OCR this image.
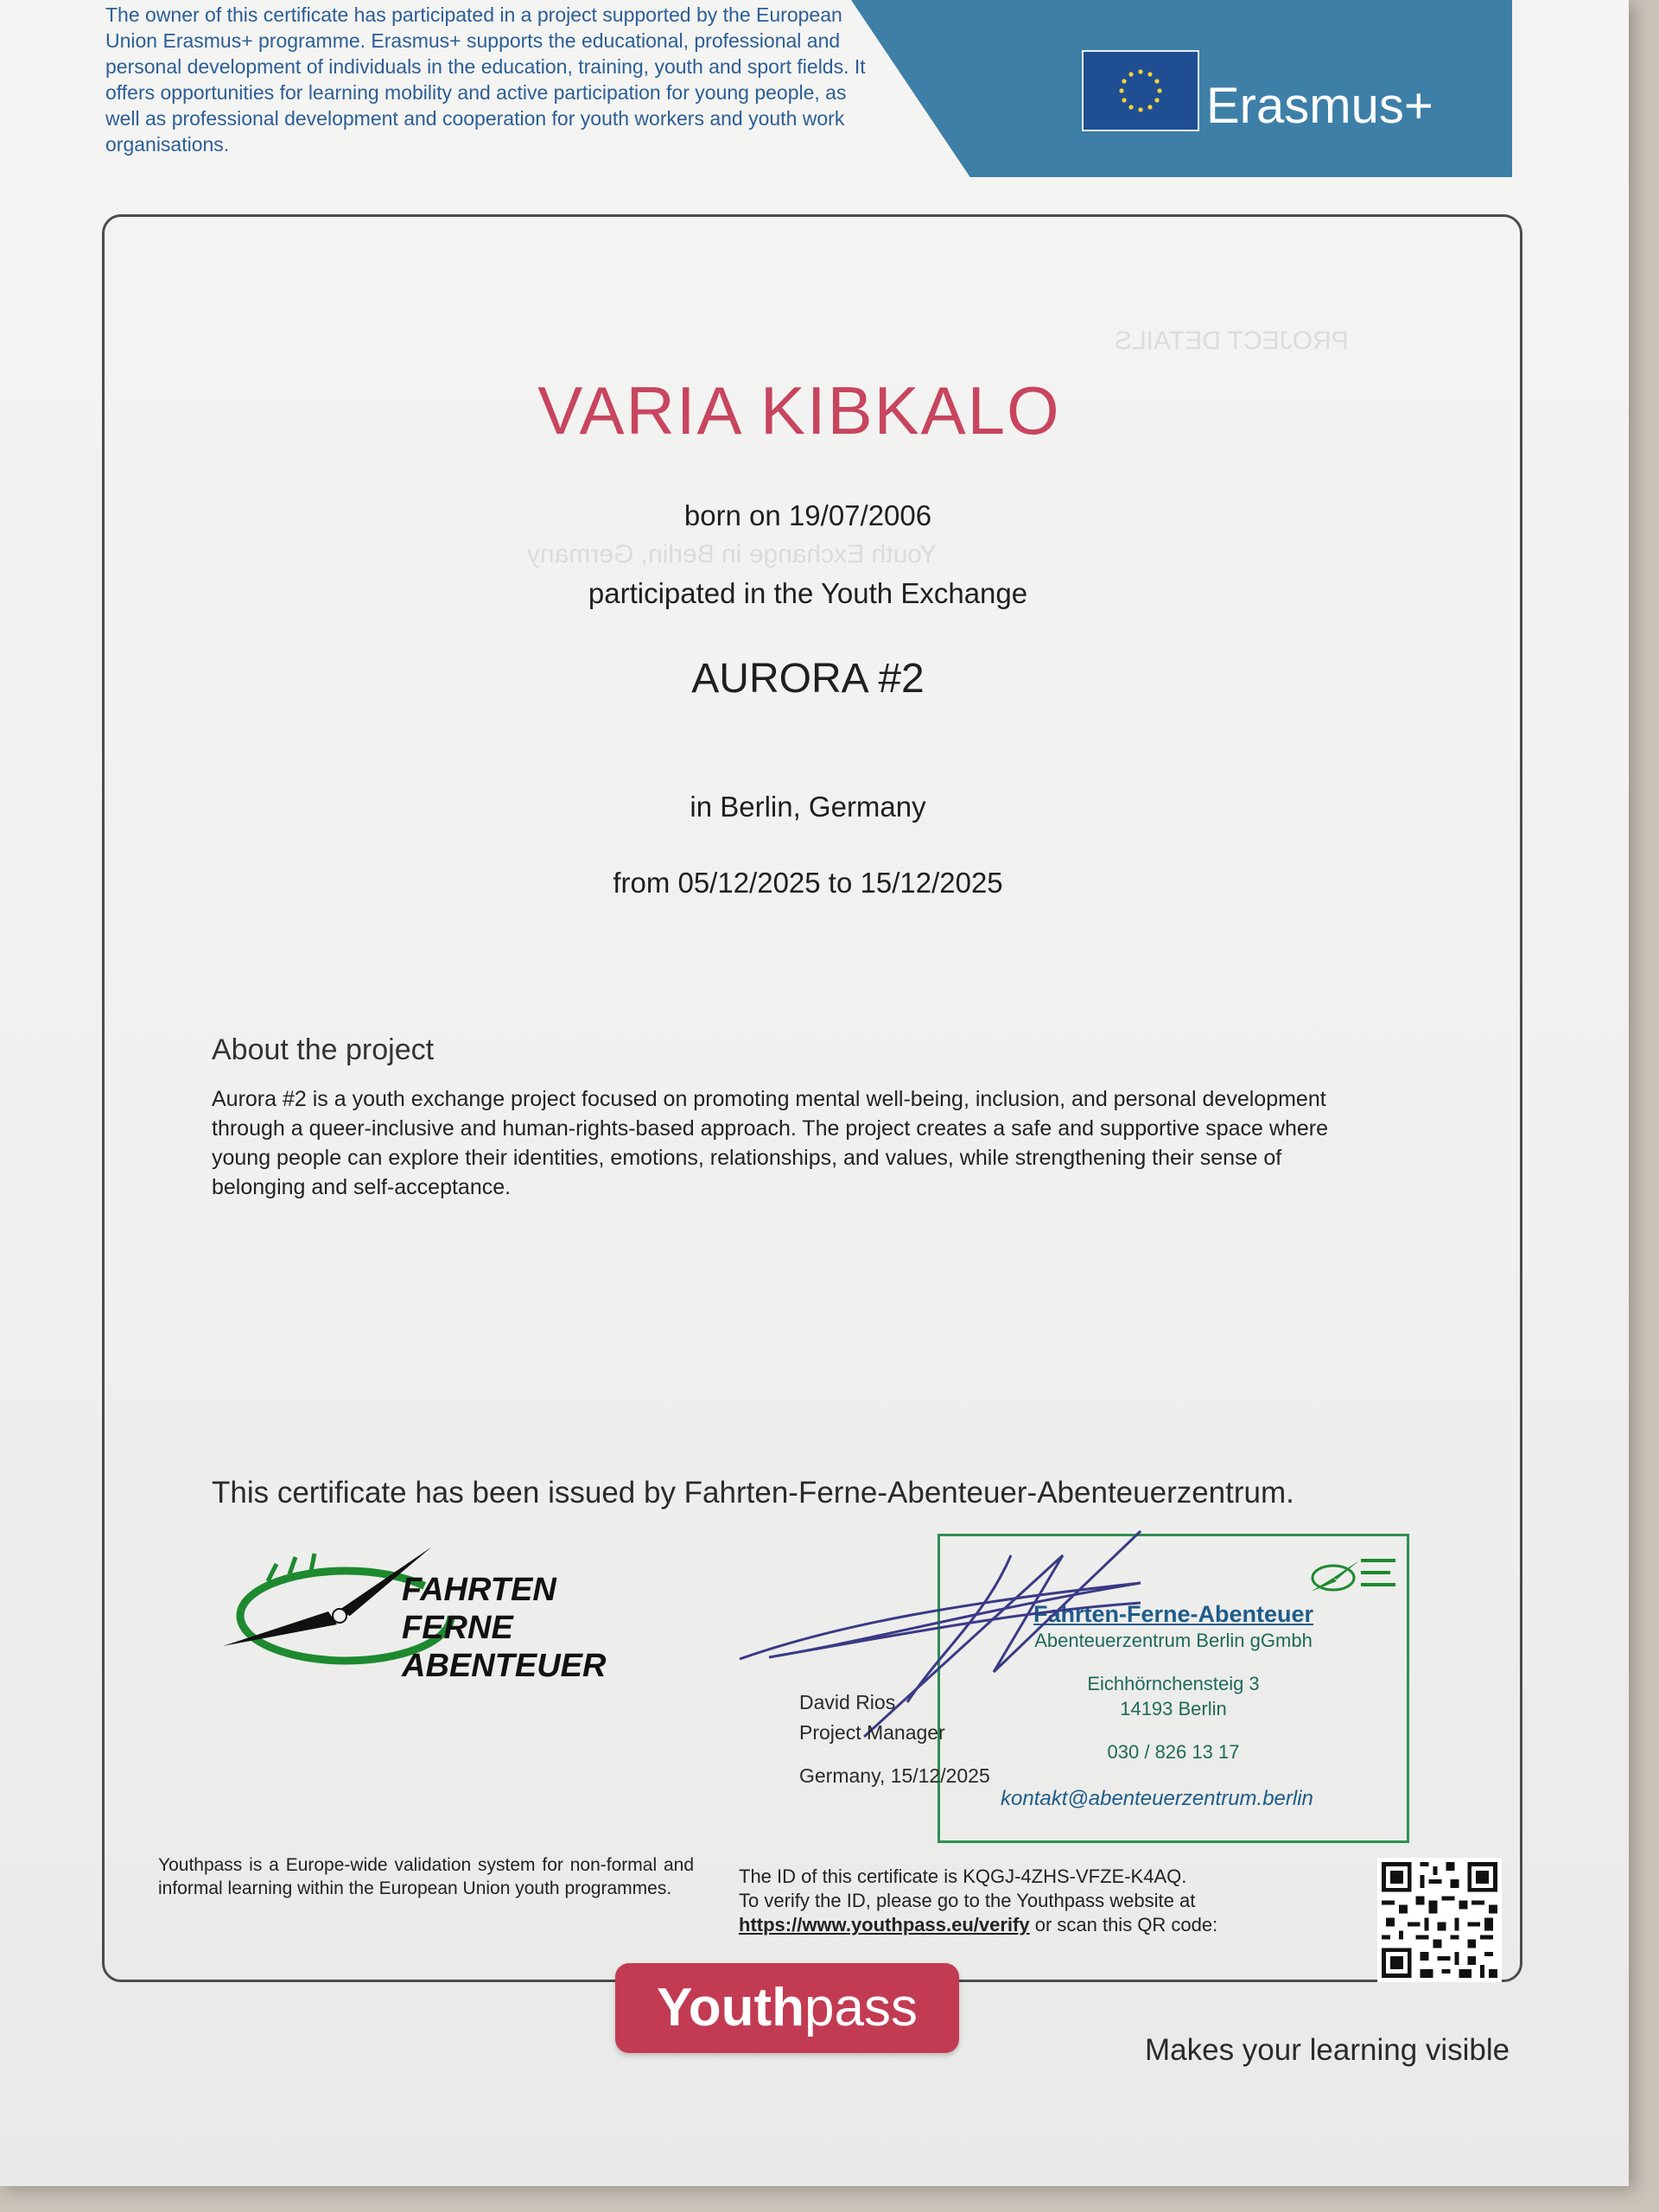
The owner of this certificate has participated in a project supported by the European Union Erasmus+ programme. Erasmus+ supports the educational, professional and personal development of individuals in the education, training, youth and sport fields. It offers opportunities for learning mobility and active participation for young people, as well as professional development and cooperation for youth workers and youth work organisations.

Erasmus+
PROJECT DETAILS
Youth Exchange in Berlin, Germany
VARIA KIBKALO
born on 19/07/2006
participated in the Youth Exchange
AURORA #2
in Berlin, Germany
from 05/12/2025 to 15/12/2025
About the project

Aurora #2 is a youth exchange project focused on promoting mental well-being, inclusion, and personal development through a queer-inclusive and human-rights-based approach. The project creates a safe and supportive space where young people can explore their identities, emotions, relationships, and values, while strengthening their sense of belonging and self-acceptance.

This certificate has been issued by Fahrten-Ferne-Abenteuer-Abenteuerzentrum.
FAHRTEN
FERNE
ABENTEUER
Fahrten-Ferne-Abenteuer
Abenteuerzentrum Berlin gGmbh
Eichhörnchensteig 3
14193 Berlin
030 / 826 13 17
kontakt@abenteuerzentrum.berlin
David Rios
Project Manager
Germany, 15/12/2025

Youthpass is a Europe-wide validation system for non-formal and informal learning within the European Union youth programmes.

The ID of this certificate is KQGJ-4ZHS-VFZE-K4AQ.
To verify the ID, please go to the Youthpass website at
https://www.youthpass.eu/verify or scan this QR code:
Youthpass
Makes your learning visible
